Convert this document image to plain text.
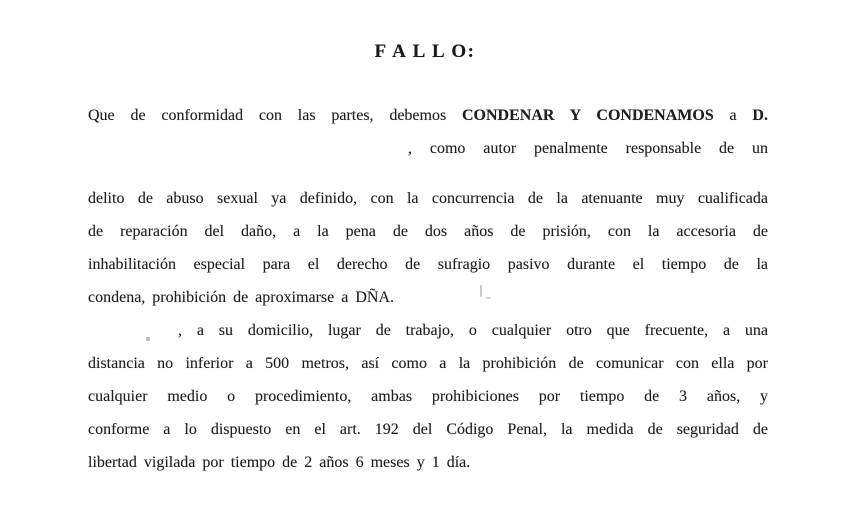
F A L L O:
Que de conformidad con las partes, debemos CONDENAR Y CONDENAMOS a D.
, como autor penalmente responsable de un
delito de abuso sexual ya definido, con la concurrencia de la atenuante muy cualificada
de reparación del daño, a la pena de dos años de prisión, con la accesoria de
inhabilitación especial para el derecho de sufragio pasivo durante el tiempo de la
condena, prohibición de aproximarse a DÑA.
, a su domicilio, lugar de trabajo, o cualquier otro que frecuente, a una
distancia no inferior a 500 metros, así como a la prohibición de comunicar con ella por
cualquier medio o procedimiento, ambas prohibiciones por tiempo de 3 años, y
conforme a lo dispuesto en el art. 192 del Código Penal, la medida de seguridad de
libertad vigilada por tiempo de 2 años 6 meses y 1 día.
